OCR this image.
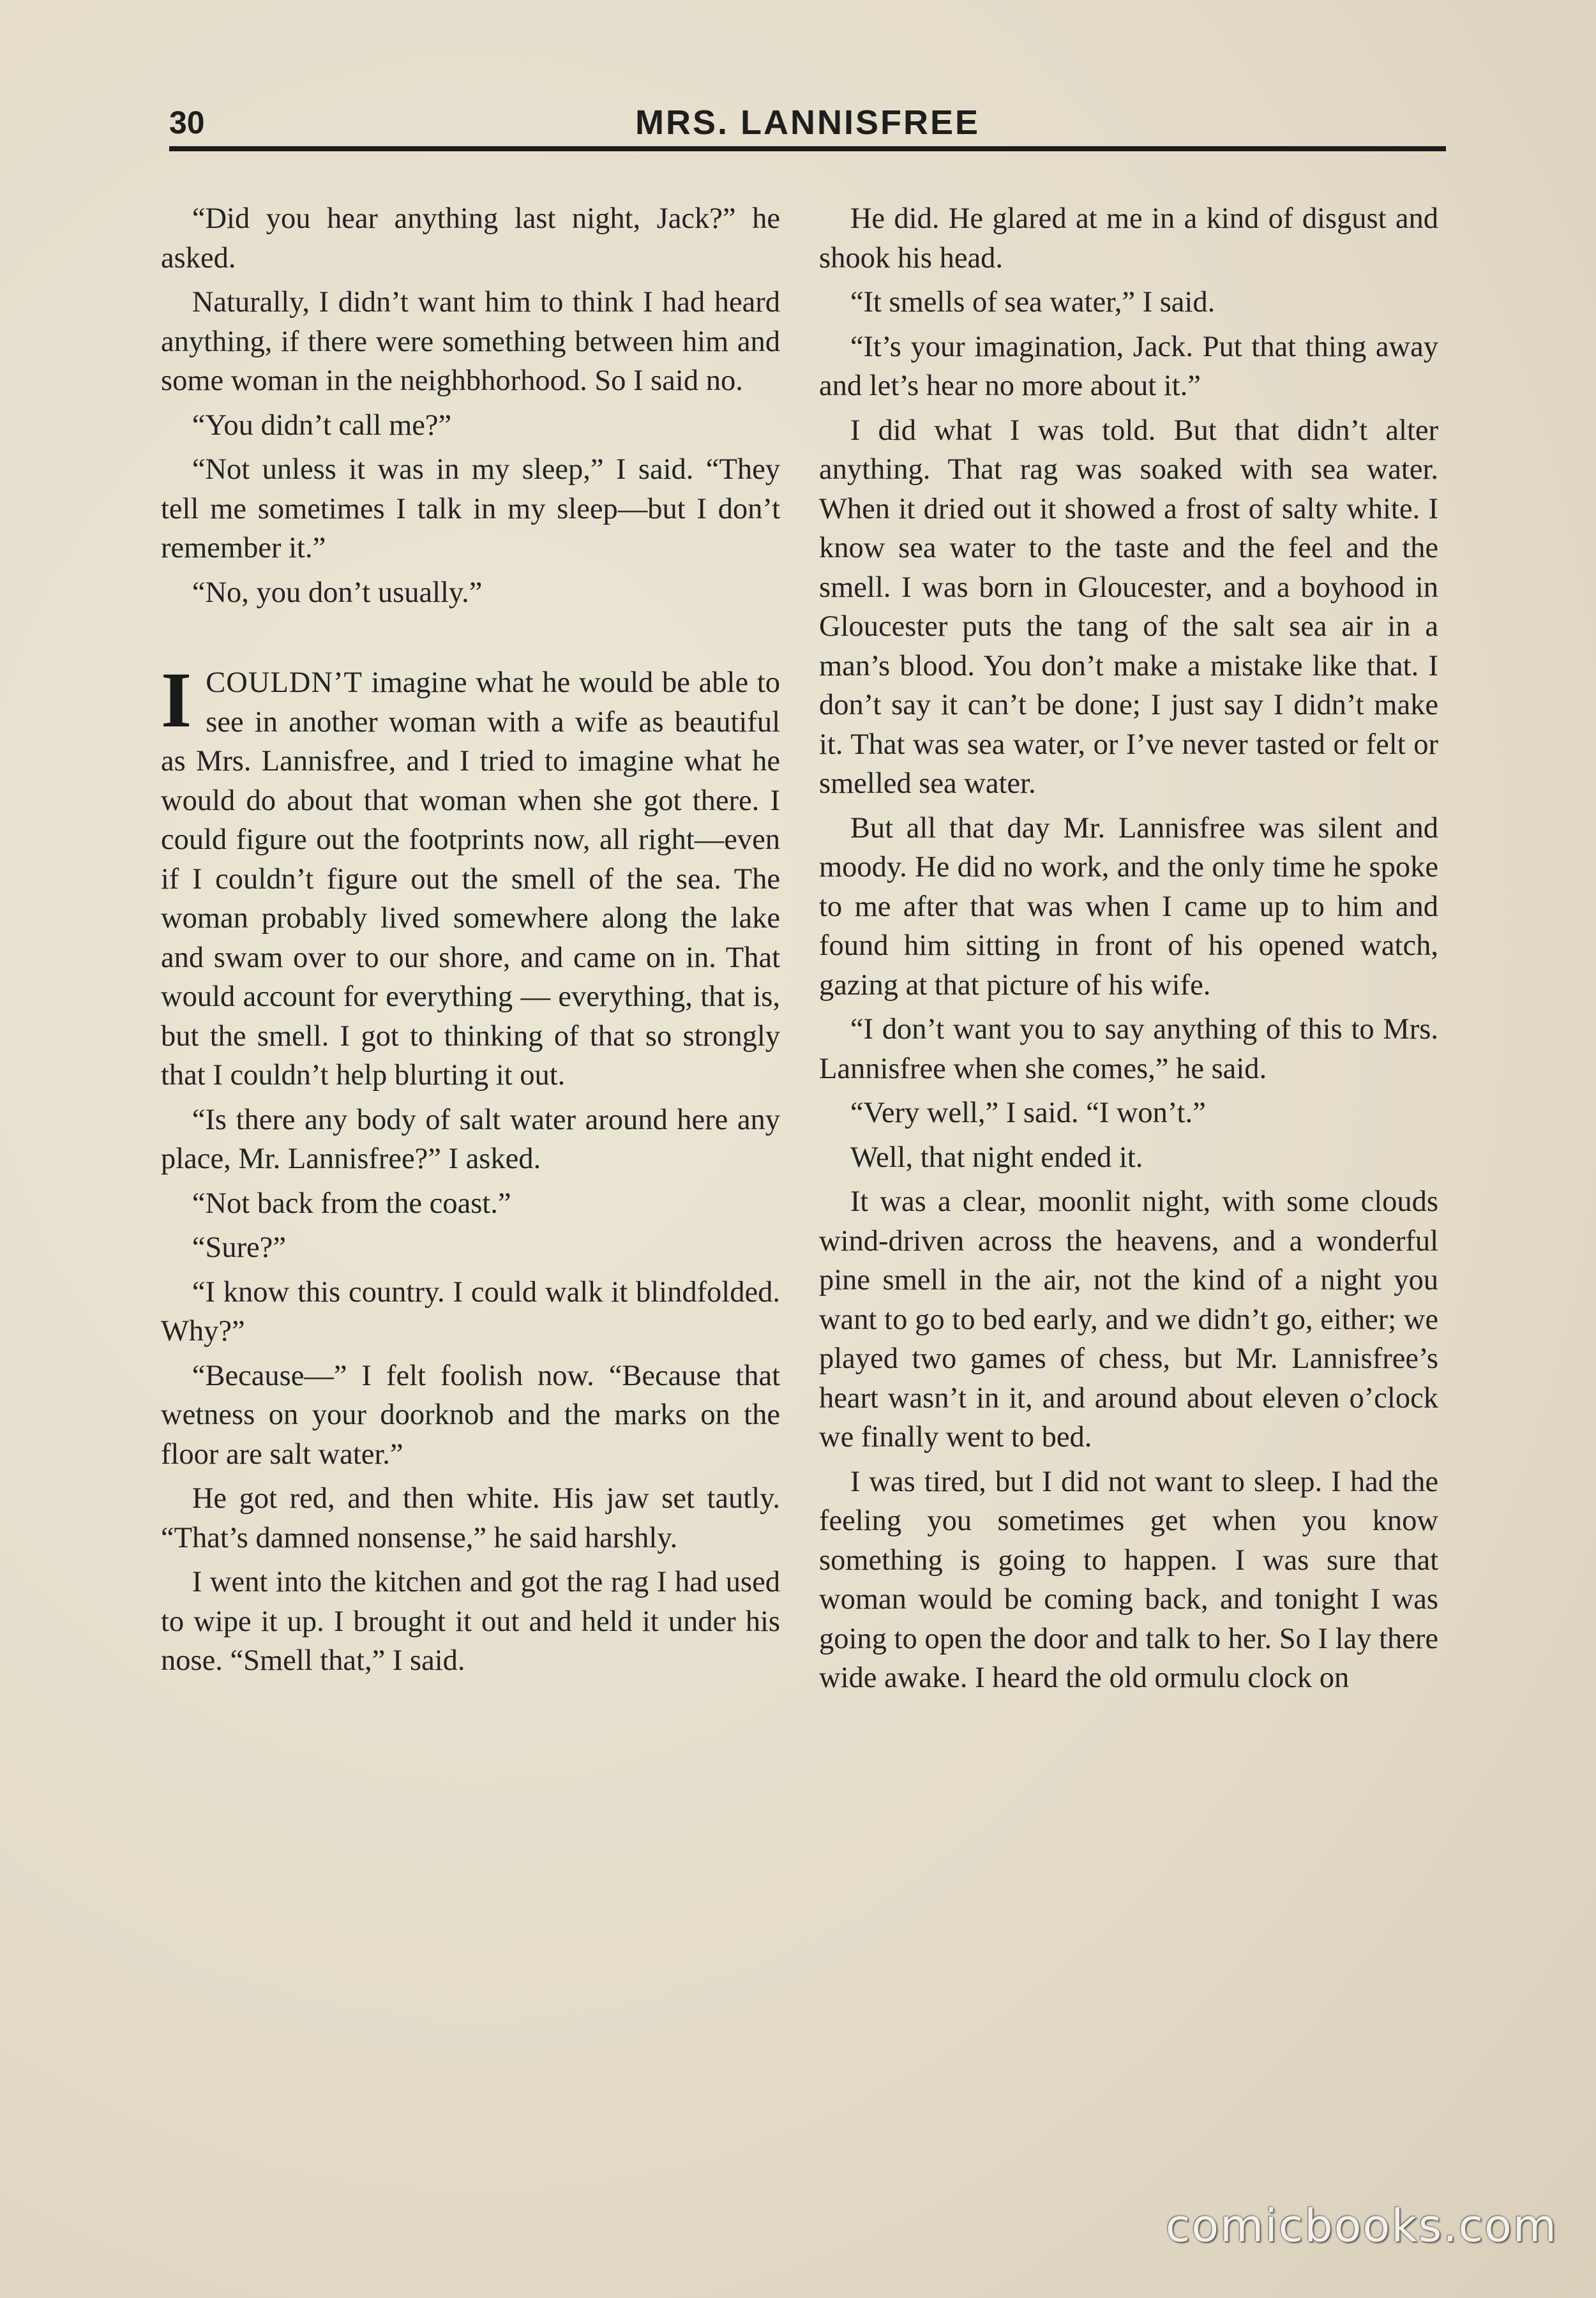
30	MRS. LANNISFREE

“Did you hear anything last night, Jack?” he asked.

Naturally, I didn’t want him to think I had heard anything, if there were something between him and some woman in the neighbhorhood. So I said no.

“You didn’t call me?”

“Not unless it was in my sleep,” I said. “They tell me sometimes I talk in my sleep—but I don’t remember it.”

“No, you don’t usually.”

ICOULDN’T imagine what he would be able to see in another woman with a wife as beautiful as Mrs. Lannisfree, and I tried to imagine what he would do about that woman when she got there. I could figure out the footprints now, all right—even if I couldn’t figure out the smell of the sea. The woman probably lived somewhere along the lake and swam over to our shore, and came on in. That would account for everything — everything, that is, but the smell. I got to thinking of that so strongly that I couldn’t help blurting it out.

“Is there any body of salt water around here any place, Mr. Lannisfree?” I asked.

“Not back from the coast.”

“Sure?”

“I know this country. I could walk it blindfolded. Why?”

“Because—” I felt foolish now. “Because that wetness on your doorknob and the marks on the floor are salt water.”

He got red, and then white. His jaw set tautly. “That’s damned nonsense,” he said harshly.

I went into the kitchen and got the rag I had used to wipe it up. I brought it out and held it under his nose. “Smell that,” I said.

He did. He glared at me in a kind of disgust and shook his head.

“It smells of sea water,” I said.

“It’s your imagination, Jack. Put that thing away and let’s hear no more about it.”

I did what I was told. But that didn’t alter anything. That rag was soaked with sea water. When it dried out it showed a frost of salty white. I know sea water to the taste and the feel and the smell. I was born in Gloucester, and a boyhood in Gloucester puts the tang of the salt sea air in a man’s blood. You don’t make a mistake like that. I don’t say it can’t be done; I just say I didn’t make it. That was sea water, or I’ve never tasted or felt or smelled sea water.

But all that day Mr. Lannisfree was silent and moody. He did no work, and the only time he spoke to me after that was when I came up to him and found him sitting in front of his opened watch, gazing at that picture of his wife.

“I don’t want you to say anything of this to Mrs. Lannisfree when she comes,” he said.

“Very well,” I said. “I won’t.”

Well, that night ended it.

It was a clear, moonlit night, with some clouds wind-driven across the heavens, and a wonderful pine smell in the air, not the kind of a night you want to go to bed early, and we didn’t go, either; we played two games of chess, but Mr. Lannisfree’s heart wasn’t in it, and around about eleven o’clock we finally went to bed.

I was tired, but I did not want to sleep. I had the feeling you sometimes get when you know something is going to happen. I was sure that woman would be coming back, and tonight I was going to open the door and talk to her. So I lay there wide awake. I heard the old ormulu clock on

comicbooks.com
